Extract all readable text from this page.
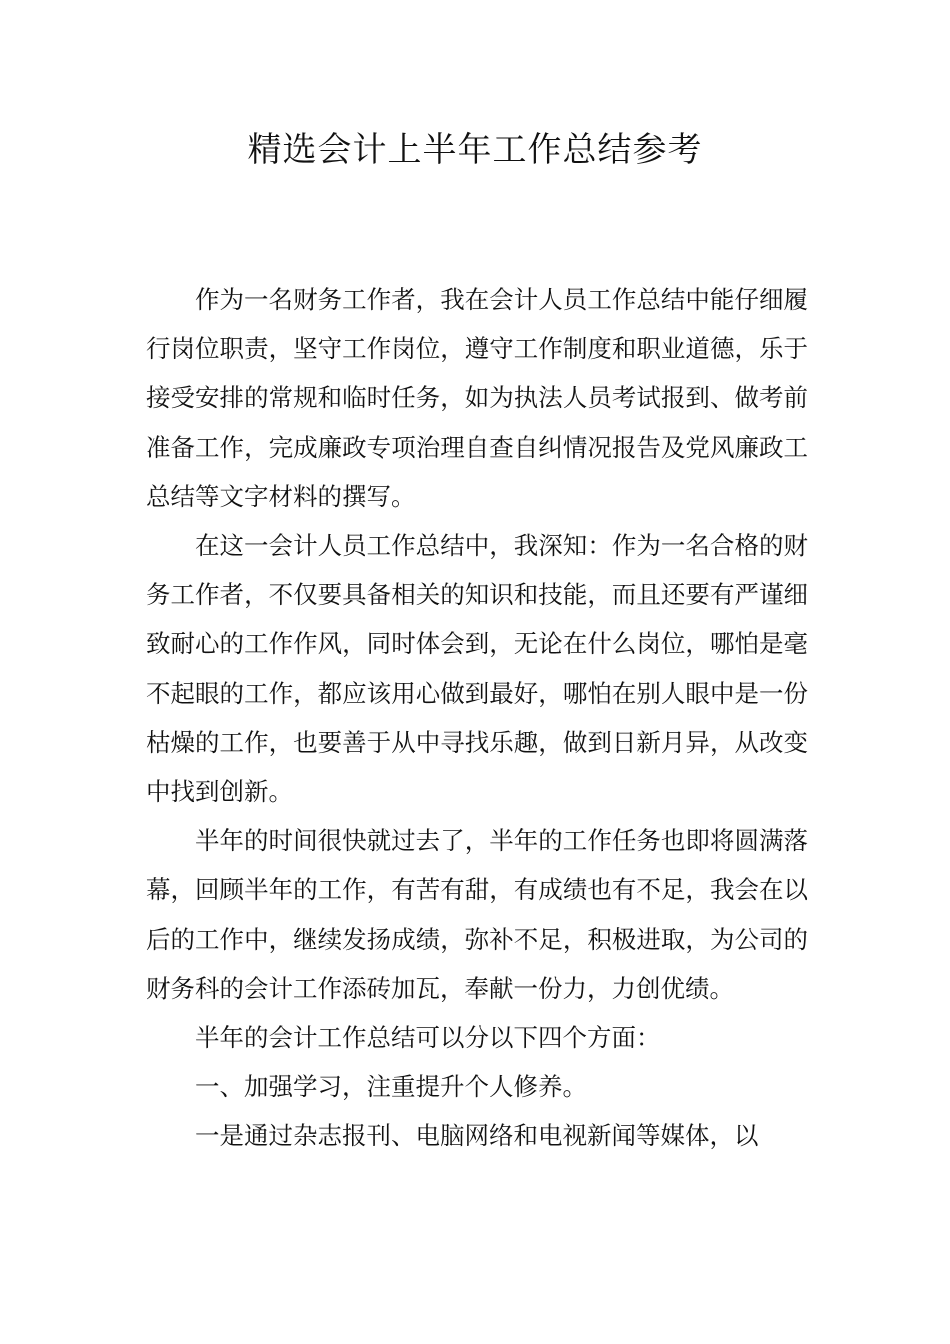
精选会计上半年工作总结参考

作为一名财务工作者，我在会计人员工作总结中能仔细履行岗位职责，坚守工作岗位，遵守工作制度和职业道德，乐于接受安排的常规和临时任务，如为执法人员考试报到、做考前准备工作，完成廉政专项治理自查自纠情况报告及党风廉政工总结等文字材料的撰写。

在这一会计人员工作总结中，我深知：作为一名合格的财务工作者，不仅要具备相关的知识和技能，而且还要有严谨细致耐心的工作作风，同时体会到，无论在什么岗位，哪怕是毫不起眼的工作，都应该用心做到最好，哪怕在别人眼中是一份枯燥的工作，也要善于从中寻找乐趣，做到日新月异，从改变中找到创新。

半年的时间很快就过去了，半年的工作任务也即将圆满落幕，回顾半年的工作，有苦有甜，有成绩也有不足，我会在以后的工作中，继续发扬成绩，弥补不足，积极进取，为公司的财务科的会计工作添砖加瓦，奉献一份力，力创优绩。

半年的会计工作总结可以分以下四个方面：

一、加强学习，注重提升个人修养。

一是通过杂志报刊、电脑网络和电视新闻等媒体，以
